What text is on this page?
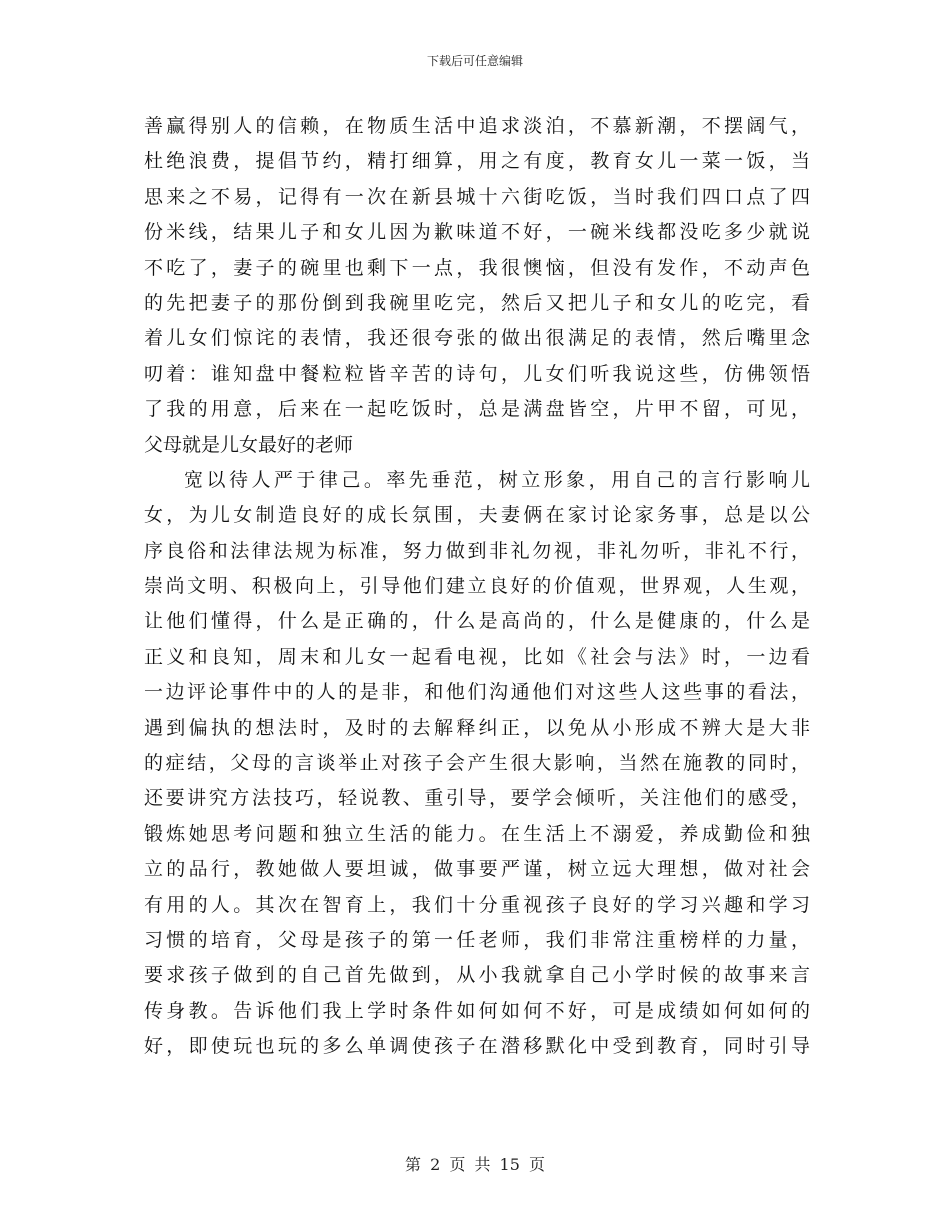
下载后可任意编辑
善赢得别人的信赖，在物质生活中追求淡泊，不慕新潮，不摆阔气，
杜绝浪费，提倡节约，精打细算，用之有度，教育女儿一菜一饭，当
思来之不易，记得有一次在新县城十六街吃饭，当时我们四口点了四
份米线，结果儿子和女儿因为歉味道不好，一碗米线都没吃多少就说
不吃了，妻子的碗里也剩下一点，我很懊恼，但没有发作，不动声色
的先把妻子的那份倒到我碗里吃完，然后又把儿子和女儿的吃完，看
着儿女们惊诧的表情，我还很夸张的做出很满足的表情，然后嘴里念
叨着：谁知盘中餐粒粒皆辛苦的诗句，儿女们听我说这些，仿佛领悟
了我的用意，后来在一起吃饭时，总是满盘皆空，片甲不留，可见，
父母就是儿女最好的老师
宽以待人严于律己。率先垂范，树立形象，用自己的言行影响儿
女，为儿女制造良好的成长氛围，夫妻俩在家讨论家务事，总是以公
序良俗和法律法规为标准，努力做到非礼勿视，非礼勿听，非礼不行，
崇尚文明、积极向上，引导他们建立良好的价值观，世界观，人生观，
让他们懂得，什么是正确的，什么是高尚的，什么是健康的，什么是
正义和良知，周末和儿女一起看电视，比如《社会与法》时，一边看
一边评论事件中的人的是非，和他们沟通他们对这些人这些事的看法，
遇到偏执的想法时，及时的去解释纠正，以免从小形成不辨大是大非
的症结，父母的言谈举止对孩子会产生很大影响，当然在施教的同时，
还要讲究方法技巧，轻说教、重引导，要学会倾听，关注他们的感受，
锻炼她思考问题和独立生活的能力。在生活上不溺爱，养成勤俭和独
立的品行，教她做人要坦诚，做事要严谨，树立远大理想，做对社会
有用的人。其次在智育上，我们十分重视孩子良好的学习兴趣和学习
习惯的培育，父母是孩子的第一任老师，我们非常注重榜样的力量，
要求孩子做到的自己首先做到，从小我就拿自己小学时候的故事来言
传身教。告诉他们我上学时条件如何如何不好，可是成绩如何如何的
好，即使玩也玩的多么单调使孩子在潜移默化中受到教育，同时引导
第 2 页 共 15 页
